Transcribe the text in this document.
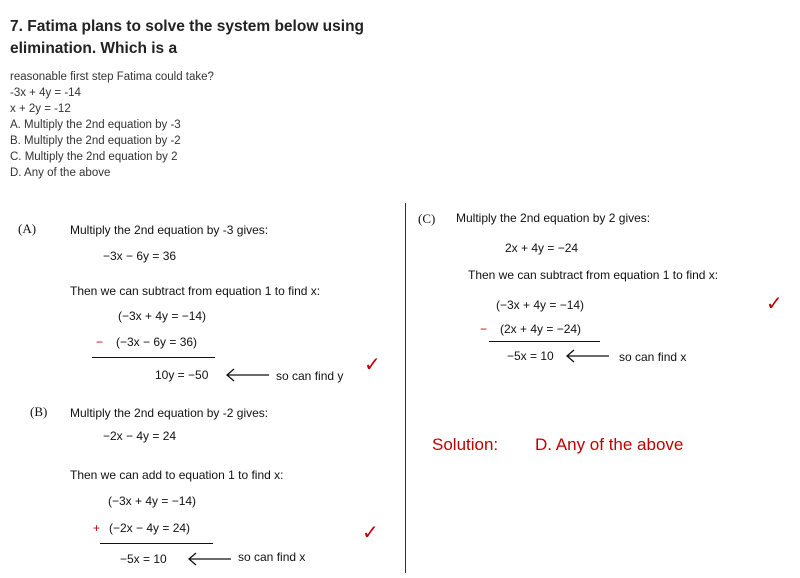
7. Fatima plans to solve the system below using
elimination. Which is a
reasonable first step Fatima could take?
-3x + 4y = -14
x + 2y = -12
A. Multiply the 2nd equation by -3
B. Multiply the 2nd equation by -2
C. Multiply the 2nd equation by 2
D. Any of the above
(A)	Multiply the 2nd equation by -3 gives:
−3x − 6y = 36
Then we can subtract from equation 1 to find x:
(−3x + 4y = −14)
− (−3x − 6y = 36)
10y = −50	so can find y ✓
(B) Multiply the 2nd equation by -2 gives:
−2x − 4y = 24
Then we can add to equation 1 to find x:
(−3x + 4y = −14)
+ (−2x − 4y = 24)
−5x = 10	so can find x
✓
(C) Multiply the 2nd equation by 2 gives:
2x + 4y = −24
Then we can subtract from equation 1 to find x:
(−3x + 4y = −14)
− (2x + 4y = −24)
−5x = 10	so can find x
✓
Solution: D. Any of the above
